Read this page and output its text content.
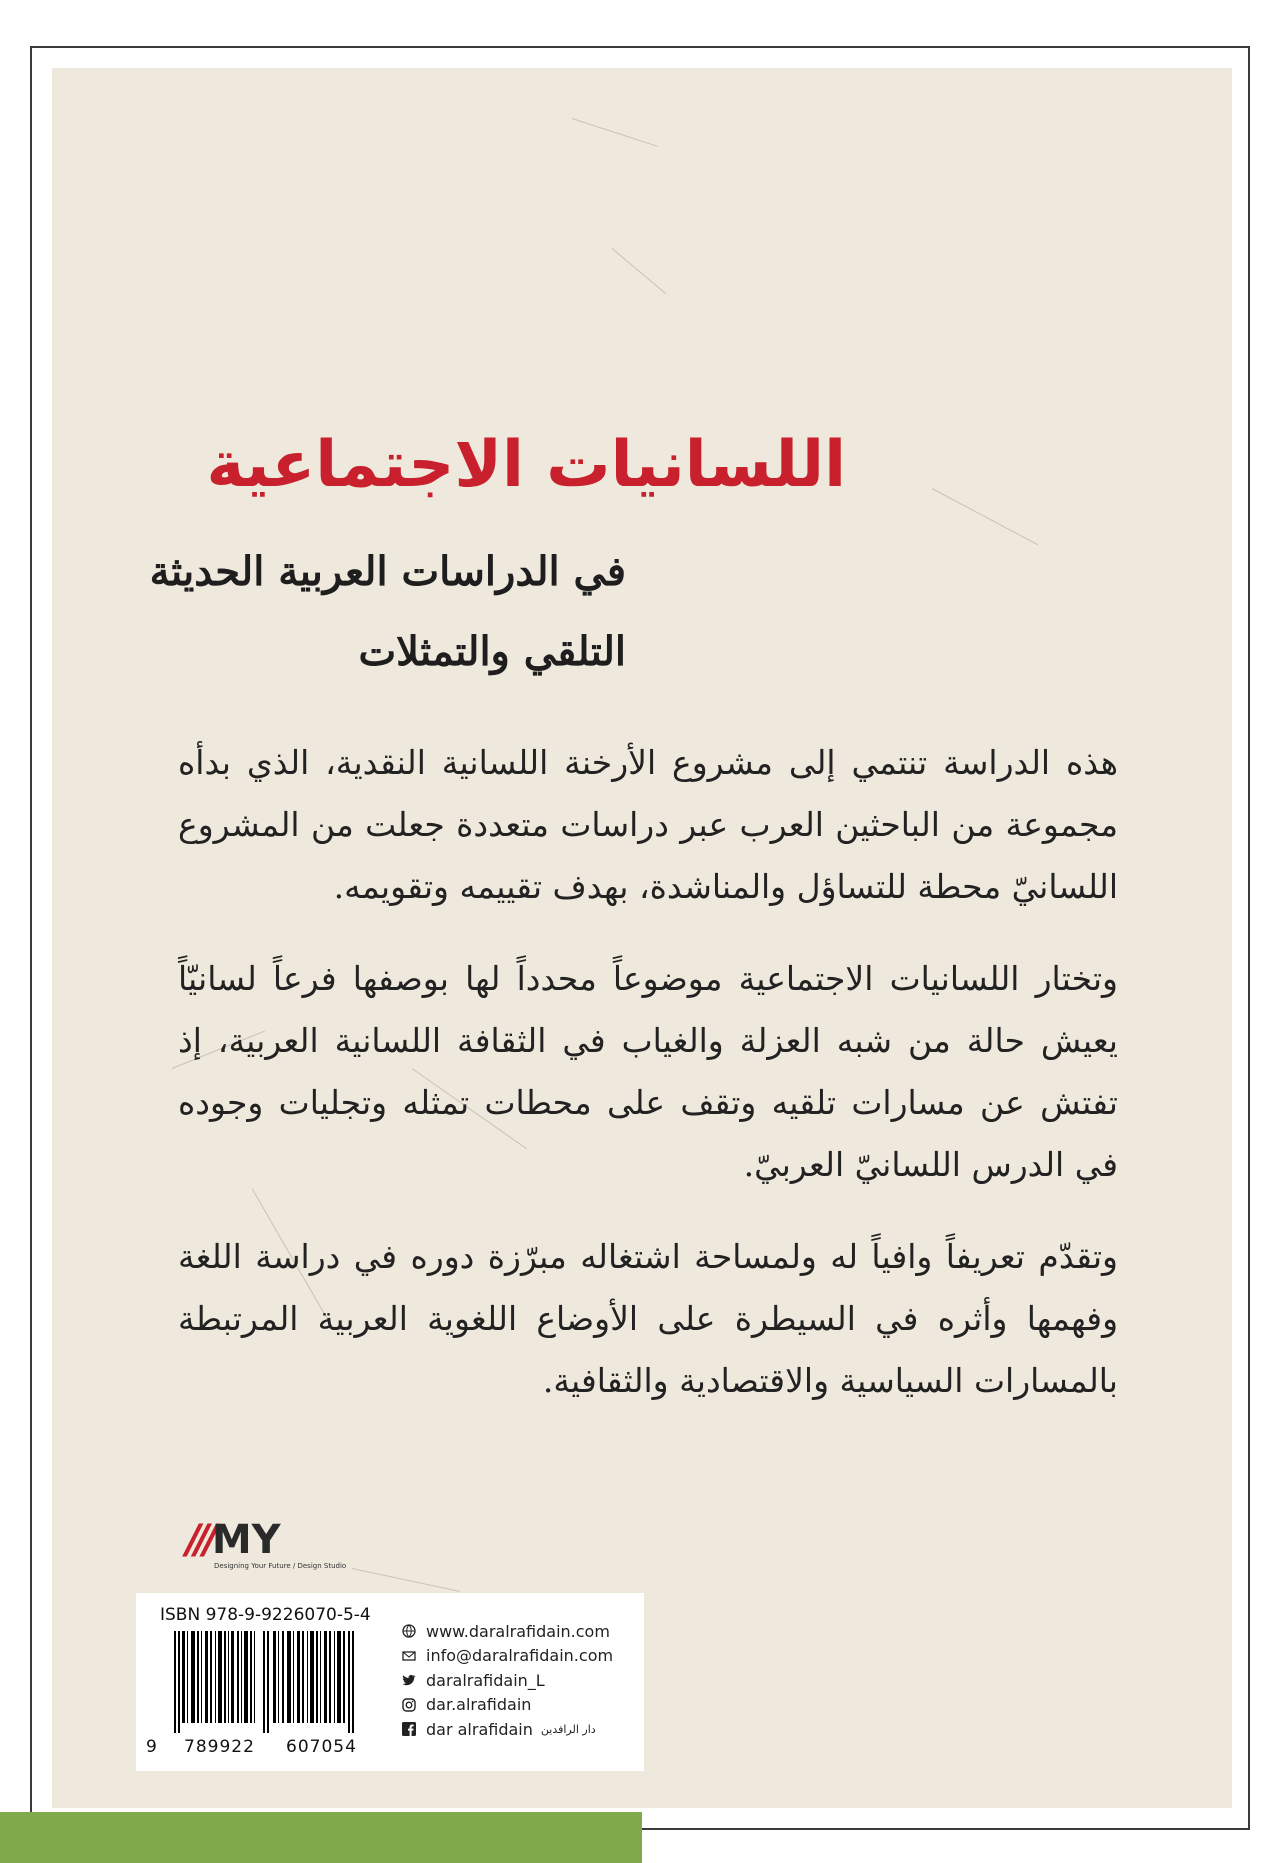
اللسانيات الاجتماعية
في الدراسات العربية الحديثة
التلقي والتمثلات

هذه الدراسة تنتمي إلى مشروع الأرخنة اللسانية النقدية، الذي بدأه مجموعة من الباحثين العرب عبر دراسات متعددة جعلت من المشروع اللسانيّ محطة للتساؤل والمناشدة، بهدف تقييمه وتقويمه.

وتختار اللسانيات الاجتماعية موضوعاً محدداً لها بوصفها فرعاً لسانيّاً يعيش حالة من شبه العزلة والغياب في الثقافة اللسانية العربية، إذ تفتش عن مسارات تلقيه وتقف على محطات تمثله وتجليات وجوده في الدرس اللسانيّ العربيّ.

وتقدّم تعريفاً وافياً له ولمساحة اشتغاله مبرّزة دوره في دراسة اللغة وفهمها وأثره في السيطرة على الأوضاع اللغوية العربية المرتبطة بالمسارات السياسية والاقتصادية والثقافية.

///MY
Designing Your Future / Design Studio
ISBN 978-9-9226070-5-4
9 789922 607054
www.daralrafidain.com
info@daralrafidain.com
daralrafidain_L
dar.alrafidain
dar alrafidain دار الرافدين
